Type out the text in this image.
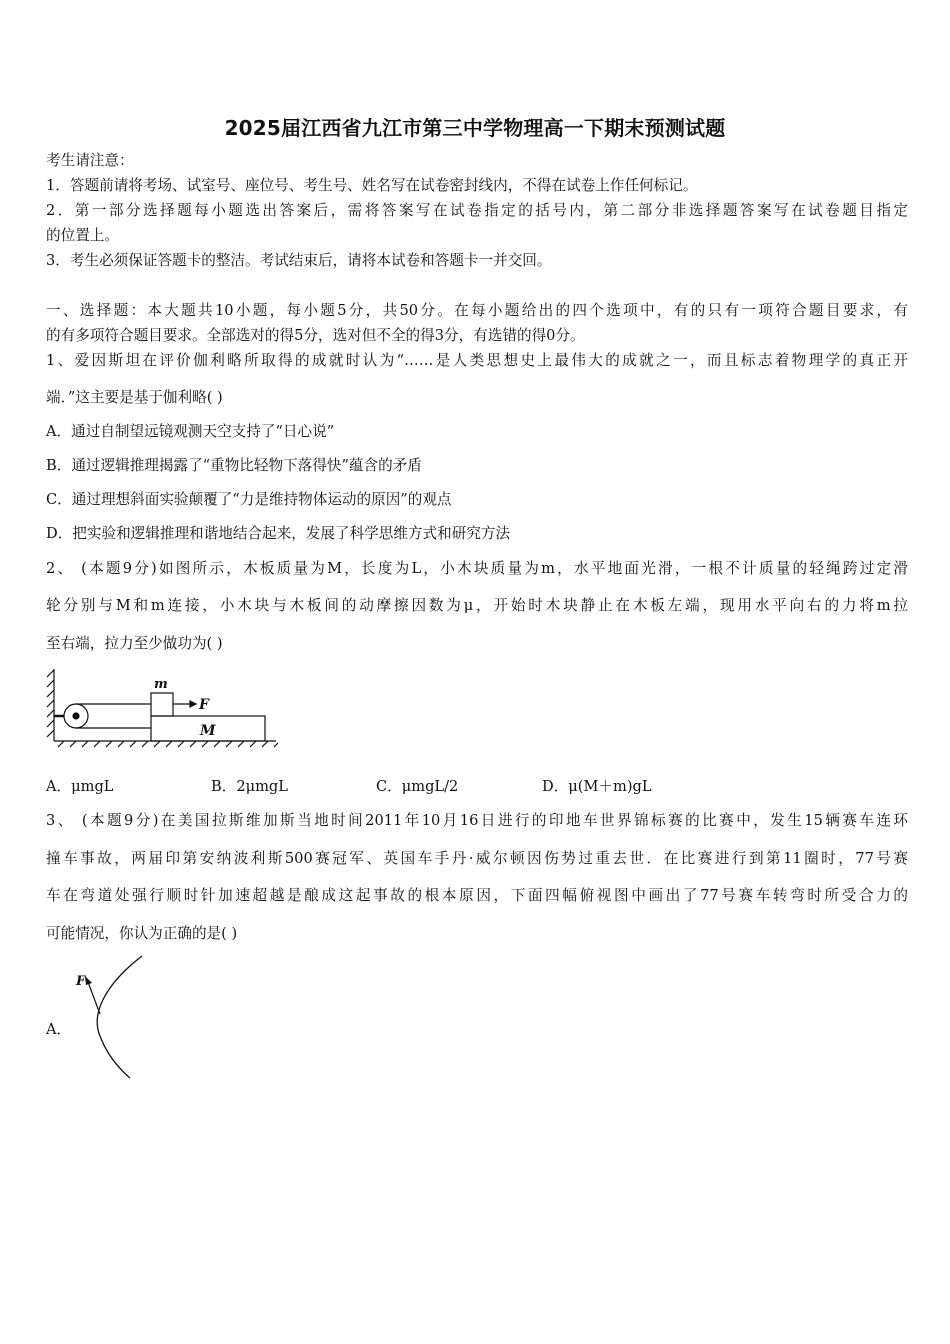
2025届江西省九江市第三中学物理高一下期末预测试题
考生请注意：
1．答题前请将考场、试室号、座位号、考生号、姓名写在试卷密封线内，不得在试卷上作任何标记。
2．第一部分选择题每小题选出答案后，需将答案写在试卷指定的括号内，第二部分非选择题答案写在试卷题目指定
的位置上。
3．考生必须保证答题卡的整洁。考试结束后，请将本试卷和答题卡一并交回。
一、选择题：本大题共10小题，每小题5分，共50分。在每小题给出的四个选项中，有的只有一项符合题目要求，有
的有多项符合题目要求。全部选对的得5分，选对但不全的得3分，有选错的得0分。
1、爱因斯坦在评价伽利略所取得的成就时认为“……是人类思想史上最伟大的成就之一，而且标志着物理学的真正开
端．”这主要是基于伽利略( )
A．通过自制望远镜观测天空支持了“日心说”
B．通过逻辑推理揭露了“重物比轻物下落得快”蕴含的矛盾
C．通过理想斜面实验颠覆了“力是维持物体运动的原因”的观点
D．把实验和逻辑推理和谐地结合起来，发展了科学思维方式和研究方法
2、 (本题9分)如图所示，木板质量为M，长度为L，小木块质量为m，水平地面光滑，一根不计质量的轻绳跨过定滑
轮分别与M和m连接，小木块与木板间的动摩擦因数为μ，开始时木块静止在木板左端，现用水平向右的力将m拉
至右端，拉力至少做功为( )
m
F
M
A．μmgL	B．2μmgL	C．μmgL/2	D．μ(M＋m)gL
3、 (本题9分)在美国拉斯维加斯当地时间2011年10月16日进行的印地车世界锦标赛的比赛中，发生15辆赛车连环
撞车事故，两届印第安纳波利斯500赛冠军、英国车手丹·威尔顿因伤势过重去世．在比赛进行到第11圈时，77号赛
车在弯道处强行顺时针加速超越是酿成这起事故的根本原因，下面四幅俯视图中画出了77号赛车转弯时所受合力的
可能情况，你认为正确的是( )
A．
F
